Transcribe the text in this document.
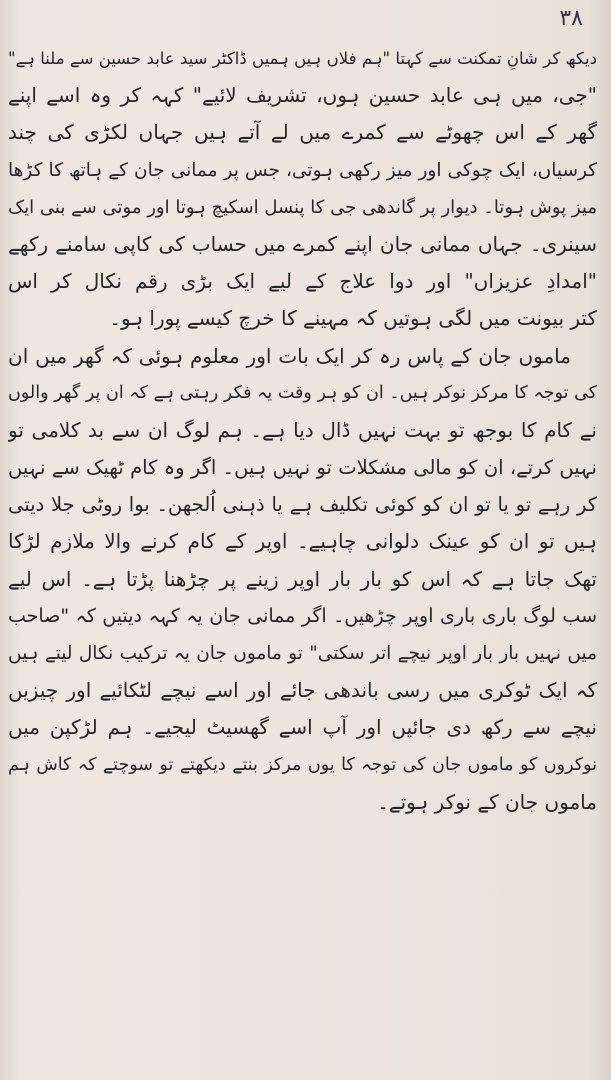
۳۸
دیکھ کر شانِ تمکنت سے کہتا "ہم فلاں ہیں ہمیں ڈاکٹر سید عابد حسین سے ملنا ہے"
"جی، میں ہی عابد حسین ہوں، تشریف لائیے" کہہ کر وہ اسے اپنے
گھر کے اس چھوٹے سے کمرے میں لے آتے ہیں جہاں لکڑی کی چند
کرسیاں، ایک چوکی اور میز رکھی ہوتی، جس پر ممانی جان کے ہاتھ کا کڑھا
میز پوش ہوتا۔ دیوار پر گاندھی جی کا پنسل اسکیچ ہوتا اور موتی سے بنی ایک
سینری۔ جہاں ممانی جان اپنے کمرے میں حساب کی کاپی سامنے رکھے
"امدادِ عزیزاں" اور دوا علاج کے لیے ایک بڑی رقم نکال کر اس
کتر بیونت میں لگی ہوتیں کہ مہینے کا خرچ کیسے پورا ہو۔
ماموں جان کے پاس رہ کر ایک بات اور معلوم ہوئی کہ گھر میں ان
کی توجہ کا مرکز نوکر ہیں۔ ان کو ہر وقت یہ فکر رہتی ہے کہ ان پر گھر والوں
نے کام کا بوجھ تو بہت نہیں ڈال دیا ہے۔ ہم لوگ ان سے بد کلامی تو
نہیں کرتے، ان کو مالی مشکلات تو نہیں ہیں۔ اگر وہ کام ٹھیک سے نہیں
کر رہے تو یا تو ان کو کوئی تکلیف ہے یا ذہنی اُلجھن۔ بوا روٹی جلا دیتی
ہیں تو ان کو عینک دلوانی چاہیے۔ اوپر کے کام کرنے والا ملازم لڑکا
تھک جاتا ہے کہ اس کو بار بار اوپر زینے پر چڑھنا پڑتا ہے۔ اس لیے
سب لوگ باری باری اوپر چڑھیں۔ اگر ممانی جان یہ کہہ دیتیں کہ "صاحب
میں نہیں بار بار اوپر نیچے اتر سکتی" تو ماموں جان یہ ترکیب نکال لیتے ہیں
کہ ایک ٹوکری میں رسی باندھی جائے اور اسے نیچے لٹکائیے اور چیزیں
نیچے سے رکھ دی جائیں اور آپ اسے گھسیٹ لیجیے۔ ہم لڑکپن میں
نوکروں کو ماموں جان کی توجہ کا یوں مرکز بنتے دیکھتے تو سوچتے کہ کاش ہم
ماموں جان کے نوکر ہوتے۔
